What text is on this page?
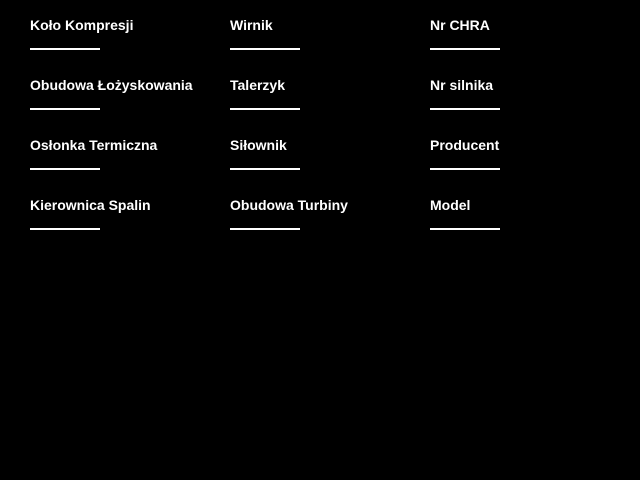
Koło Kompresji
Obudowa Łożyskowania
Osłonka Termiczna
Kierownica Spalin
Wirnik
Talerzyk
Siłownik
Obudowa Turbiny
Nr CHRA
Nr silnika
Producent
Model
